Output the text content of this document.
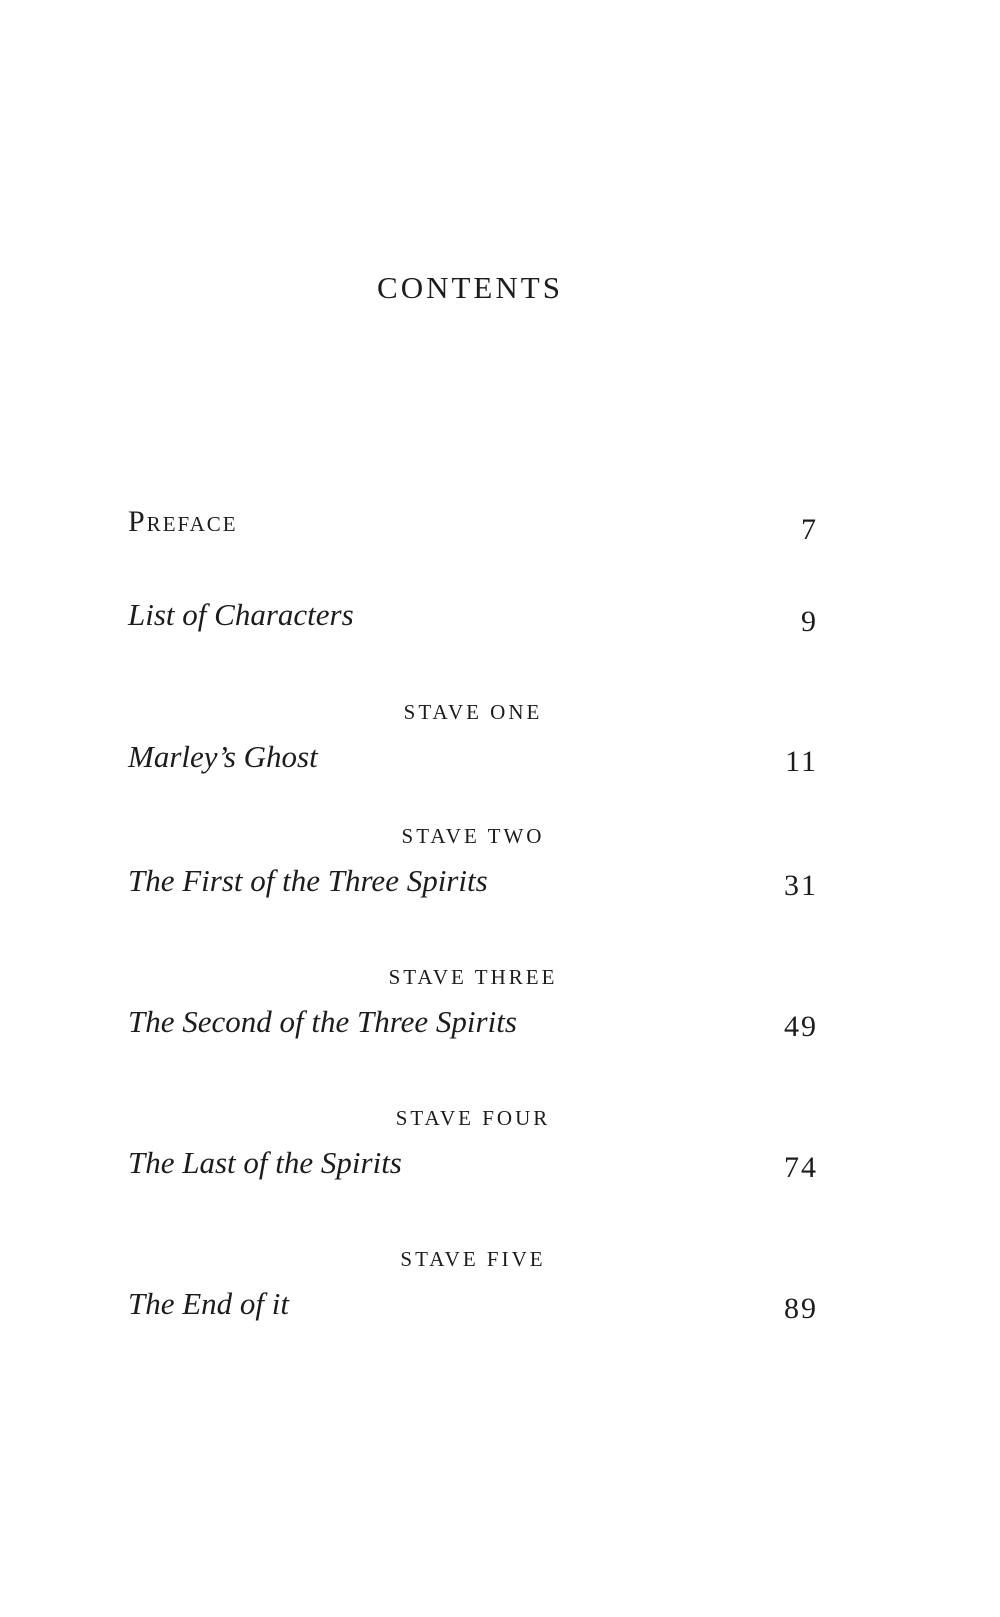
CONTENTS
Preface	7
List of Characters	9
STAVE ONE
Marley’s Ghost	11
STAVE TWO
The First of the Three Spirits	31
STAVE THREE
The Second of the Three Spirits	49
STAVE FOUR
The Last of the Spirits	74
STAVE FIVE
The End of it	89
